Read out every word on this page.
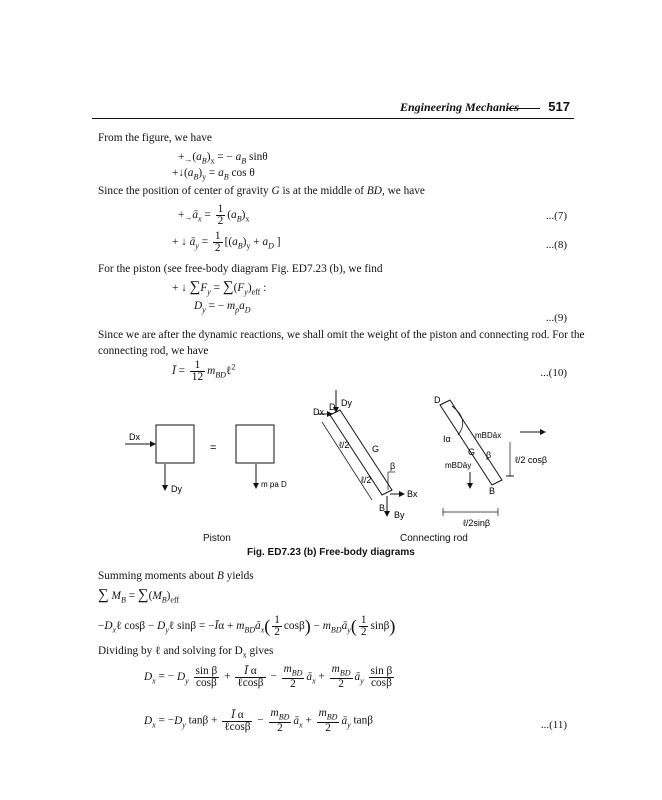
Engineering Mechanics 517
From the figure, we have
$+\to(a_B)_x$ = − $a_B$ sinθ
$+↓(a_B)_y = a_B$ cos θ
Since the position of center of gravity G is at the middle of BD, we have
$+\to ā_x = \frac{1}{2} (a_B)_x$	...(7)
+ ↓ $ā_y = \frac{1}{2} [(a_B)_y + a_D$ ]	...(8)
For the piston (see free-body diagram Fig. ED7.23 (b), we find
+ ↓ $\sum F_y = \sum(F_y)_{eff}$ :
$D_y$ = − $m_pa_D$
...(9)
Since we are after the dynamic reactions, we shall omit the weight of the piston and connecting rod. For the
connecting rod, we have
Ī = $\frac{1}{12}$ $m_{BD}\ell^2$
...(10)
Dx
Dy
=
m pa D
Dy
D
Dx
ℓ/2	G
ℓ/2
β
Bx
B
By
D
mBDāx
Iα
G β
mBDāy
ℓ/2 cosβ
B
ℓ/2sinβ
Piston	Connecting rod
Fig. ED7.23 (b) Free-body diagrams
Summing moments about B yields
∑ $M_B = \sum(M_B)_{eff}$
$-D_x\ell$ $\cos\beta - D_y\ell$ sinβ = −Īα + $m_{BD}ā_x( \frac{1}{2} \cos\beta)$ − $m_{BD}ā_y( \frac{1}{2} \sin\beta)$
Dividing by ℓ and solving for $D_x$ gives
$D_x$ = − $D_y \frac{\text{sin β}}{\cos\beta} + \frac{\text{Ī α}}{\text{ℓcosβ}} - \frac{m_{BD}}{2}$ $ā_x + \frac{m_{BD}}{2}$ $ā_y \frac{\text{sin β}}{\cos\beta}$
$D_x = -D_y$ $\tan\beta + \frac{\text{Ī α}}{\text{ℓcosβ}} - \frac{m_{BD}}{2}$ $ā_x + \frac{m_{BD}}{2}$ $ā_y$ tanβ	...(11)
